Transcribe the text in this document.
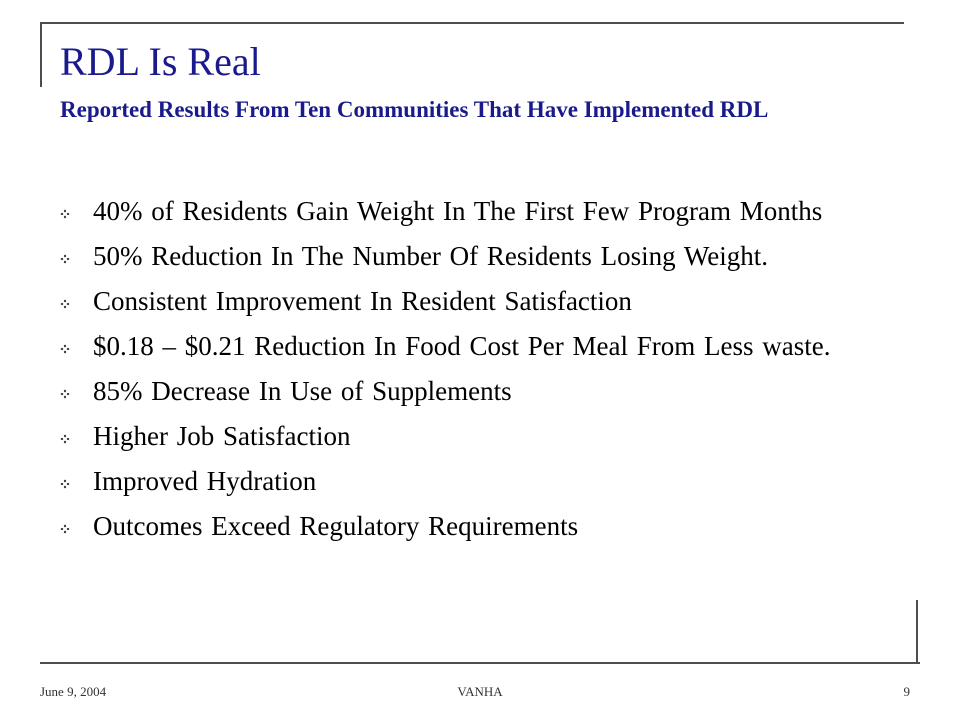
RDL Is Real
Reported Results From Ten Communities That Have Implemented RDL
40% of Residents Gain Weight In The First Few Program Months
50% Reduction In The Number Of Residents Losing Weight.
Consistent Improvement In Resident Satisfaction
$0.18 – $0.21 Reduction In Food Cost Per Meal From Less waste.
85% Decrease In Use of Supplements
Higher Job Satisfaction
Improved Hydration
Outcomes Exceed Regulatory Requirements
June 9, 2004	VANHA	9
